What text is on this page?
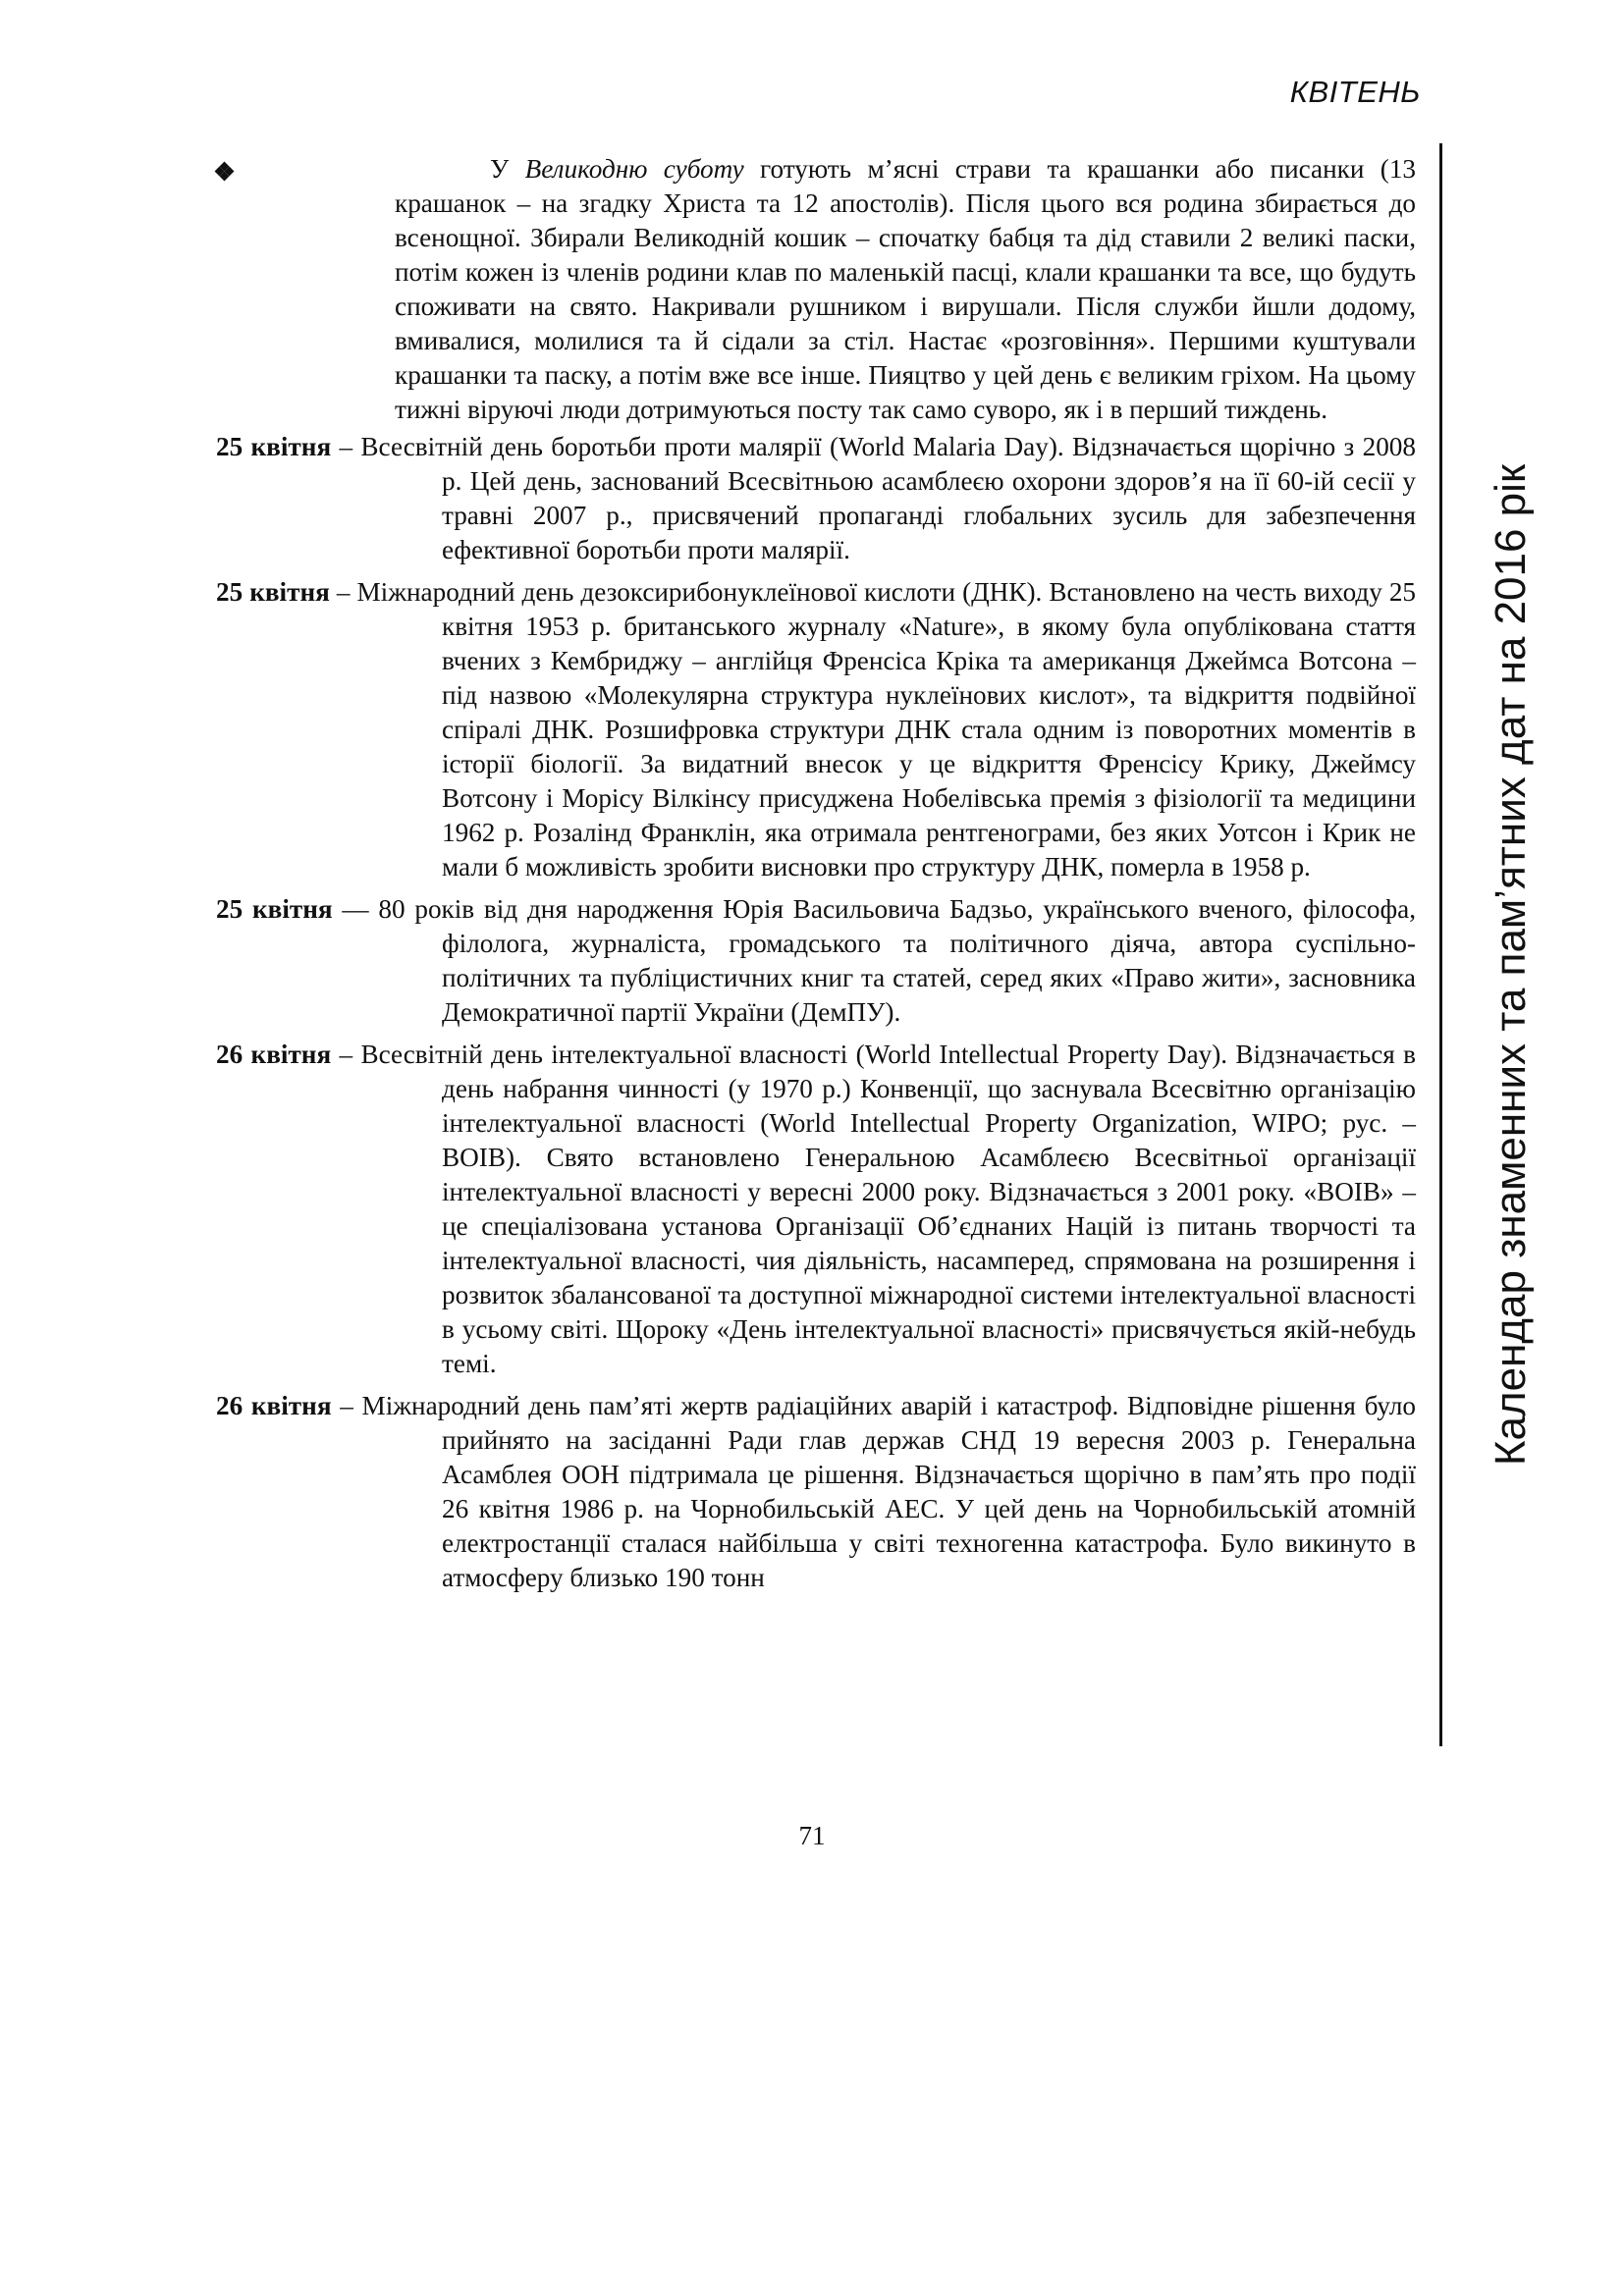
КВІТЕНЬ
Календар знаменних та пам’ятних дат на 2016 рік
У Великодню суботу готують м’ясні страви та крашанки або писанки (13 крашанок – на згадку Христа та 12 апостолів). Після цього вся родина збирається до всенощної. Збирали Великодній кошик – спочатку бабця та дід ставили 2 великі паски, потім кожен із членів родини клав по маленькій пасці, клали крашанки та все, що будуть споживати на свято. Накривали рушником і вирушали. Після служби йшли додому, вмивалися, молилися та й сідали за стіл. Настає «розговіння». Першими куштували крашанки та паску, а потім вже все інше. Пияцтво у цей день є великим гріхом. На цьому тижні віруючі люди дотримуються посту так само суворо, як і в перший тиждень.
25 квітня – Всесвітній день боротьби проти малярії (World Malaria Day). Відзначається щорічно з 2008 р. Цей день, заснований Всесвітньою асамблеєю охорони здоров’я на її 60-ій сесії у травні 2007 р., присвячений пропаганді глобальних зусиль для забезпечення ефективної боротьби проти малярії.
25 квітня – Міжнародний день дезоксирибонуклеїнової кислоти (ДНК). Встановлено на честь виходу 25 квітня 1953 р. британського журналу «Nature», в якому була опублікована стаття вчених з Кембриджу – англійця Френсіса Кріка та американця Джеймса Вотсона – під назвою «Молекулярна структура нуклеїнових кислот», та відкриття подвійної спіралі ДНК. Розшифровка структури ДНК стала одним із поворотних моментів в історії біології. За видатний внесок у це відкриття Френсісу Крику, Джеймсу Вотсону і Морісу Вілкінсу присуджена Нобелівська премія з фізіології та медицини 1962 р. Розалінд Франклін, яка отримала рентгенограми, без яких Уотсон і Крик не мали б можливість зробити висновки про структуру ДНК, померла в 1958 р.
25 квітня — 80 років від дня народження Юрія Васильовича Бадзьо, українського вченого, філософа, філолога, журналіста, громадського та політичного діяча, автора суспільно-політичних та публіцистичних книг та статей, серед яких «Право жити», засновника Демократичної партії України (ДемПУ).
26 квітня – Всесвітній день інтелектуальної власності (World Intellectual Property Day). Відзначається в день набрання чинності (у 1970 р.) Конвенції, що заснувала Всесвітню організацію інтелектуальної власності (World Intellectual Property Organization, WIPO; рус. – ВОІВ). Свято встановлено Генеральною Асамблеєю Всесвітньої організації інтелектуальної власності у вересні 2000 року. Відзначається з 2001 року. «ВОІВ» – це спеціалізована установа Організації Об’єднаних Націй із питань творчості та інтелектуальної власності, чия діяльність, насамперед, спрямована на розширення і розвиток збалансованої та доступної міжнародної системи інтелектуальної власності в усьому світі. Щороку «День інтелектуальної власності» присвячується якій-небудь темі.
26 квітня – Міжнародний день пам’яті жертв радіаційних аварій і катастроф. Відповідне рішення було прийнято на засіданні Ради глав держав СНД 19 вересня 2003 р. Генеральна Асамблея ООН підтримала це рішення. Відзначається щорічно в пам’ять про події 26 квітня 1986 р. на Чорнобильській АЕС. У цей день на Чорнобильській атомній електростанції сталася найбільша у світі техногенна катастрофа. Було викинуто в атмосферу близько 190 тонн
71
